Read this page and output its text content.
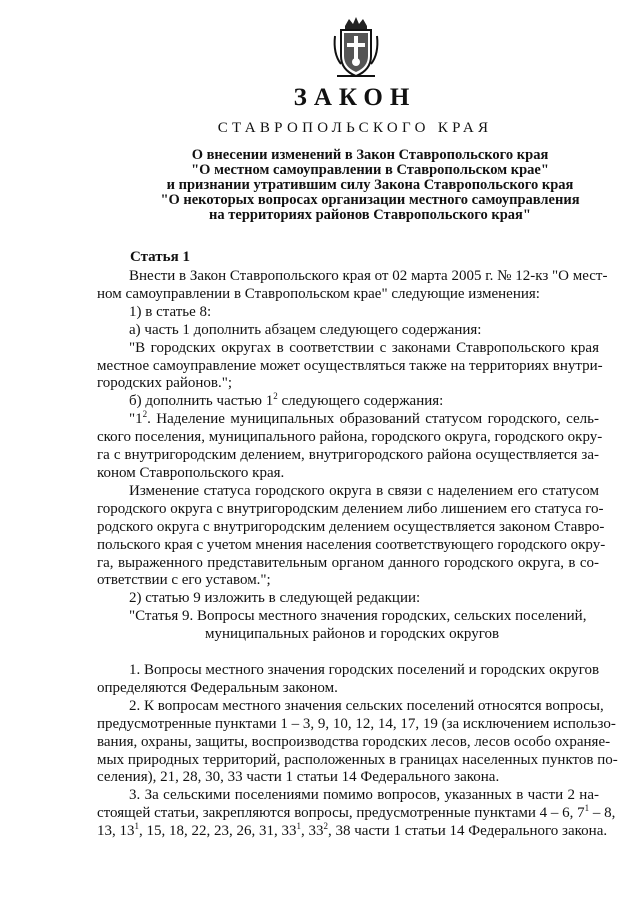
ЗАКОН
СТАВРОПОЛЬСКОГО КРАЯ
О внесении изменений в Закон Ставропольского края
"О местном самоуправлении в Ставропольском крае"
и признании утратившим силу Закона Ставропольского края
"О некоторых вопросах организации местного самоуправления
на территориях районов Ставропольского края"
Статья 1
Внести в Закон Ставропольского края от 02 марта 2005 г. № 12-кз "О мест-
ном самоуправлении в Ставропольском крае" следующие изменения:
1) в статье 8:
а) часть 1 дополнить абзацем следующего содержания:
"В городских округах в соответствии с законами Ставропольского края
местное самоуправление может осуществляться также на территориях внутри-
городских районов.";
б) дополнить частью $1^2$ следующего содержания:
"$1^2$. Наделение муниципальных образований статусом городского, сель-
ского поселения, муниципального района, городского округа, городского окру-
га с внутригородским делением, внутригородского района осуществляется за-
коном Ставропольского края.
Изменение статуса городского округа в связи с наделением его статусом
городского округа с внутригородским делением либо лишением его статуса го-
родского округа с внутригородским делением осуществляется законом Ставро-
польского края с учетом мнения населения соответствующего городского окру-
га, выраженного представительным органом данного городского округа, в со-
ответствии с его уставом.";
2) статью 9 изложить в следующей редакции:
"Статья 9. Вопросы местного значения городских, сельских поселений,
муниципальных районов и городских округов
1. Вопросы местного значения городских поселений и городских округов
определяются Федеральным законом.
2. К вопросам местного значения сельских поселений относятся вопросы,
предусмотренные пунктами 1 – 3, 9, 10, 12, 14, 17, 19 (за исключением использо-
вания, охраны, защиты, воспроизводства городских лесов, лесов особо охраняе-
мых природных территорий, расположенных в границах населенных пунктов по-
селения), 21, 28, 30, 33 части 1 статьи 14 Федерального закона.
3. За сельскими поселениями помимо вопросов, указанных в части 2 на-
стоящей статьи, закрепляются вопросы, предусмотренные пунктами 4 – 6, $7^1 - 8$,
13, $13^1$, 15, 18, 22, 23, 26, 31, $33^1$, $33^2$, 38 части 1 статьи 14 Федерального закона.
